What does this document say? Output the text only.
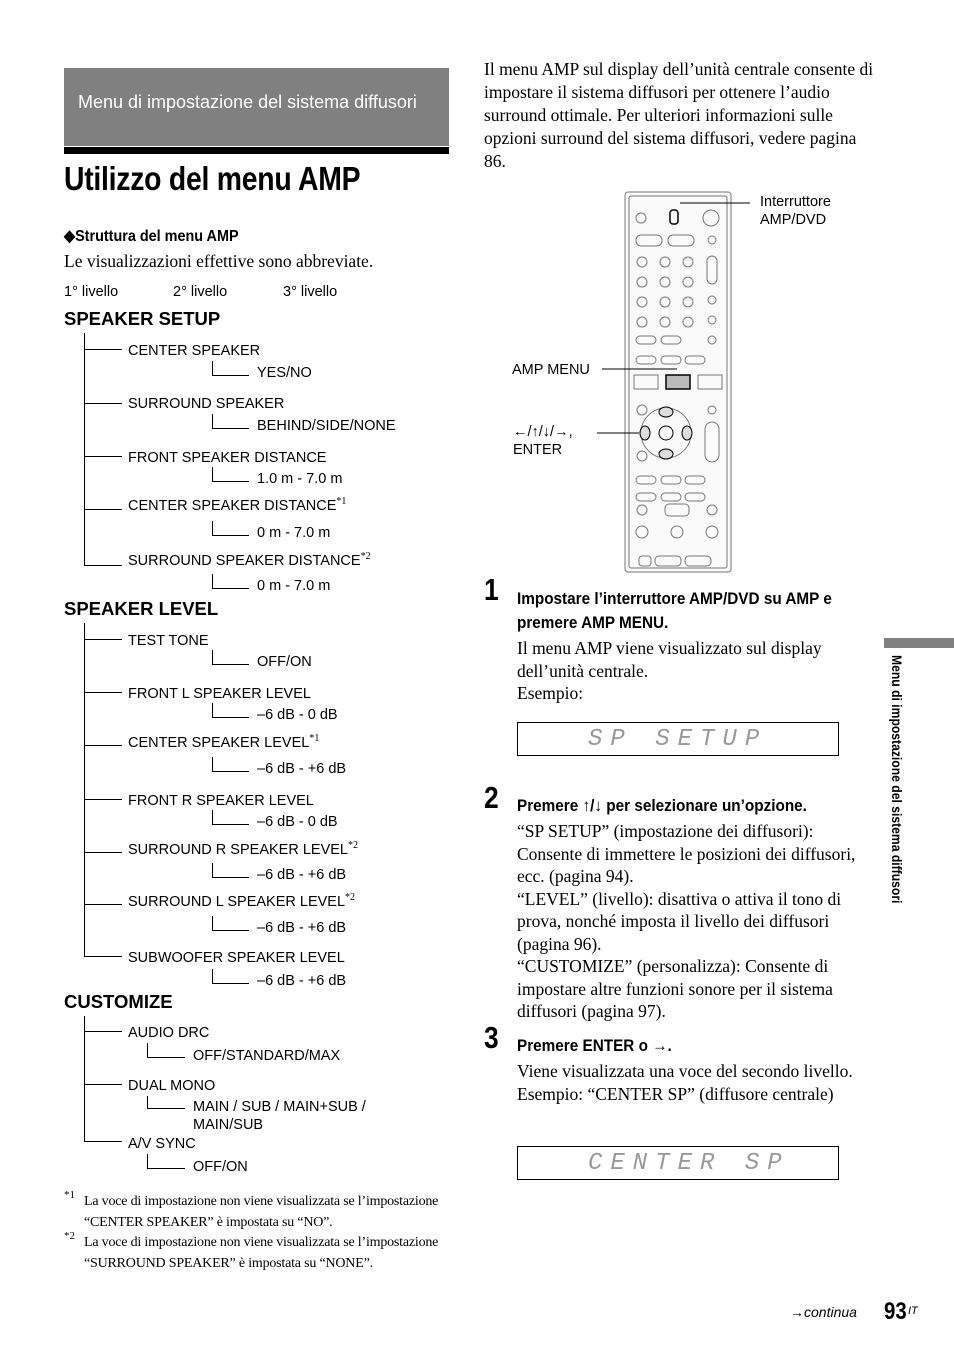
Menu di impostazione del sistema diffusori
Utilizzo del menu AMP
◆Struttura del menu AMP
Le visualizzazioni effettive sono abbreviate.
1° livello	2° livello	3° livello
SPEAKER SETUP
CENTER SPEAKER
YES/NO
SURROUND SPEAKER
BEHIND/SIDE/NONE
FRONT SPEAKER DISTANCE
1.0 m - 7.0 m
CENTER SPEAKER DISTANCE$^{*1}$
0 m - 7.0 m
SURROUND SPEAKER DISTANCE$^{*2}$
0 m - 7.0 m
SPEAKER LEVEL
TEST TONE
OFF/ON
FRONT L SPEAKER LEVEL
–6 dB - 0 dB
CENTER SPEAKER LEVEL$^{*1}$
–6 dB - +6 dB
FRONT R SPEAKER LEVEL
–6 dB - 0 dB
SURROUND R SPEAKER LEVEL$^{*2}$
–6 dB - +6 dB
SURROUND L SPEAKER LEVEL$^{*2}$
–6 dB - +6 dB
SUBWOOFER SPEAKER LEVEL
–6 dB - +6 dB
CUSTOMIZE
AUDIO DRC
OFF/STANDARD/MAX
DUAL MONO
MAIN / SUB / MAIN+SUB / MAIN/SUB
A/V SYNC
OFF/ON
*1 La voce di impostazione non viene visualizzata se l’impostazione “CENTER SPEAKER” è impostata su “NO”.
*2 La voce di impostazione non viene visualizzata se l’impostazione “SURROUND SPEAKER” è impostata su “NONE”.
Il menu AMP sul display dell’unità centrale consente di impostare il sistema diffusori per ottenere l’audio surround ottimale. Per ulteriori informazioni sulle opzioni surround del sistema diffusori, vedere pagina 86.
Interruttore AMP/DVD
AMP MENU
←/↑/↓/→, ENTER
1 Impostare l’interruttore AMP/DVD su AMP e premere AMP MENU.
Il menu AMP viene visualizzato sul display dell’unità centrale.
Esempio:
SP SETUP
2 Premere ↑/↓ per selezionare un’opzione.
“SP SETUP” (impostazione dei diffusori): Consente di immettere le posizioni dei diffusori, ecc. (pagina 94).
“LEVEL” (livello): disattiva o attiva il tono di prova, nonché imposta il livello dei diffusori (pagina 96).
“CUSTOMIZE” (personalizza): Consente di impostare altre funzioni sonore per il sistema diffusori (pagina 97).
3 Premere ENTER o →.
Viene visualizzata una voce del secondo livello.
Esempio: “CENTER SP” (diffusore centrale)
CENTER SP
Menu di impostazione del sistema diffusori
→continua 93 IT
